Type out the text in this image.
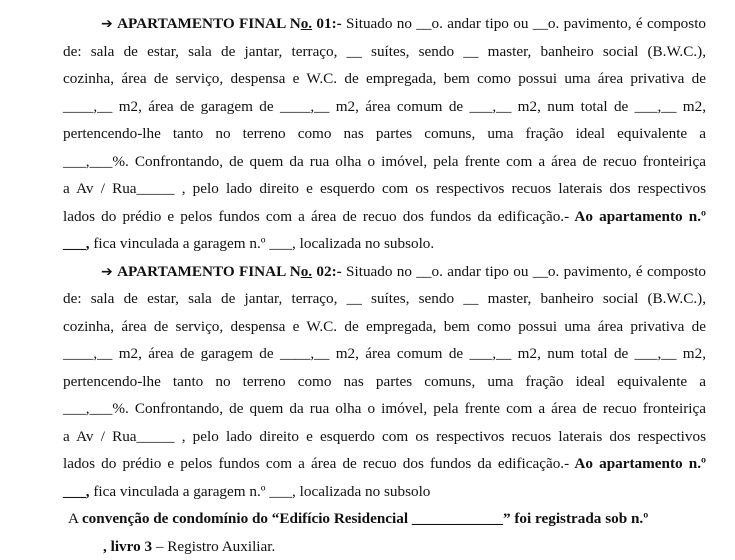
➔ APARTAMENTO FINAL No. 01:- Situado no __o. andar tipo ou __o. pavimento, é composto
de: sala de estar, sala de jantar, terraço, __ suítes, sendo __ master, banheiro social (B.W.C.),
cozinha, área de serviço, despensa e W.C. de empregada, bem como possui uma área privativa de
____,__ m2, área de garagem de ____,__ m2, área comum de ___,__ m2, num total de ___,__ m2,
pertencendo-lhe tanto no terreno como nas partes comuns, uma fração ideal equivalente a
___,___%. Confrontando, de quem da rua olha o imóvel, pela frente com a área de recuo fronteiriça
a Av / Rua_____ , pelo lado direito e esquerdo com os respectivos recuos laterais dos respectivos
lados do prédio e pelos fundos com a área de recuo dos fundos da edificação.- Ao apartamento n.º
___, fica vinculada a garagem n.º ___, localizada no subsolo.
➔ APARTAMENTO FINAL No. 02:- Situado no __o. andar tipo ou __o. pavimento, é composto
de: sala de estar, sala de jantar, terraço, __ suítes, sendo __ master, banheiro social (B.W.C.),
cozinha, área de serviço, despensa e W.C. de empregada, bem como possui uma área privativa de
____,__ m2, área de garagem de ____,__ m2, área comum de ___,__ m2, num total de ___,__ m2,
pertencendo-lhe tanto no terreno como nas partes comuns, uma fração ideal equivalente a
___,___%. Confrontando, de quem da rua olha o imóvel, pela frente com a área de recuo fronteiriça
a Av / Rua_____ , pelo lado direito e esquerdo com os respectivos recuos laterais dos respectivos
lados do prédio e pelos fundos com a área de recuo dos fundos da edificação.- Ao apartamento n.º
___, fica vinculada a garagem n.º ___, localizada no subsolo
A convenção de condomínio do “Edifício Residencial ____________” foi registrada sob n.º
, livro 3 – Registro Auxiliar.
